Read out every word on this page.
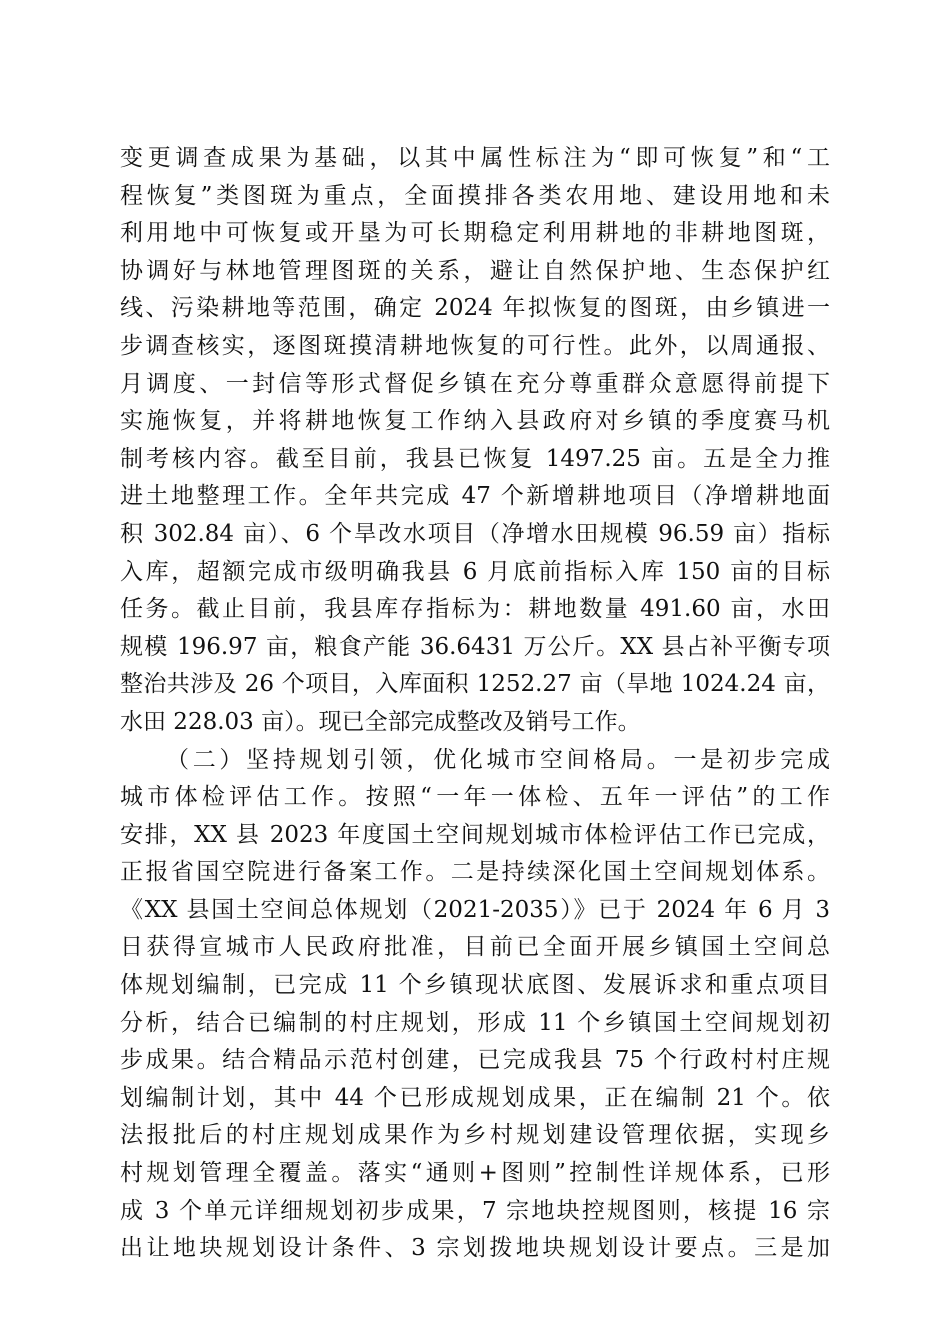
变更调查成果为基础，以其中属性标注为“即可恢复”和“工
程恢复”类图斑为重点，全面摸排各类农用地、建设用地和未
利用地中可恢复或开垦为可长期稳定利用耕地的非耕地图斑，
协调好与林地管理图斑的关系，避让自然保护地、生态保护红
线、污染耕地等范围，确定 2024 年拟恢复的图斑，由乡镇进一
步调查核实，逐图斑摸清耕地恢复的可行性。此外，以周通报、
月调度、一封信等形式督促乡镇在充分尊重群众意愿得前提下
实施恢复，并将耕地恢复工作纳入县政府对乡镇的季度赛马机
制考核内容。截至目前，我县已恢复 1497.25 亩。五是全力推
进土地整理工作。全年共完成 47 个新增耕地项目（净增耕地面
积 302.84 亩）、6 个旱改水项目（净增水田规模 96.59 亩）指标
入库，超额完成市级明确我县 6 月底前指标入库 150 亩的目标
任务。截止目前，我县库存指标为：耕地数量 491.60 亩，水田
规模 196.97 亩，粮食产能 36.6431 万公斤。XX 县占补平衡专项
整治共涉及 26 个项目，入库面积 1252.27 亩（旱地 1024.24 亩，
水田 228.03 亩）。现已全部完成整改及销号工作。
（二）坚持规划引领，优化城市空间格局。一是初步完成
城市体检评估工作。按照“一年一体检、五年一评估”的工作
安排，XX 县 2023 年度国土空间规划城市体检评估工作已完成，
正报省国空院进行备案工作。二是持续深化国土空间规划体系。
《XX 县国土空间总体规划（2021-2035）》已于 2024 年 6 月 3
日获得宣城市人民政府批准，目前已全面开展乡镇国土空间总
体规划编制，已完成 11 个乡镇现状底图、发展诉求和重点项目
分析，结合已编制的村庄规划，形成 11 个乡镇国土空间规划初
步成果。结合精品示范村创建，已完成我县 75 个行政村村庄规
划编制计划，其中 44 个已形成规划成果，正在编制 21 个。依
法报批后的村庄规划成果作为乡村规划建设管理依据，实现乡
村规划管理全覆盖。落实“通则+图则”控制性详规体系，已形
成 3 个单元详细规划初步成果，7 宗地块控规图则，核提 16 宗
出让地块规划设计条件、3 宗划拨地块规划设计要点。三是加
